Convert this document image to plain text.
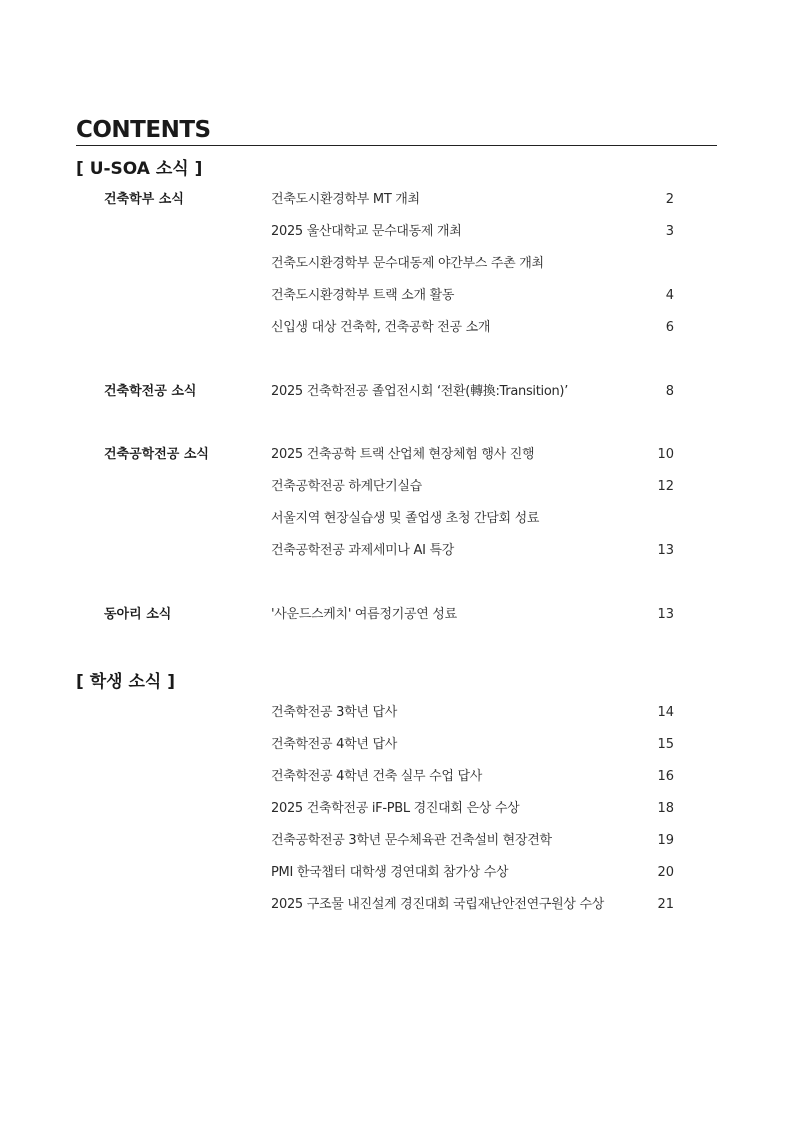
CONTENTS
[ U-SOA 소식 ]
건축학부 소식	건축도시환경학부 MT 개최	2
2025 울산대학교 문수대동제 개최	3
건축도시환경학부 문수대동제 야간부스 주촌 개최
건축도시환경학부 트랙 소개 활동	4
신입생 대상 건축학, 건축공학 전공 소개	6
건축학전공 소식	2025 건축학전공 졸업전시회 ‘전환(轉換:Transition)’	8
건축공학전공 소식	2025 건축공학 트랙 산업체 현장체험 행사 진행	10
건축공학전공 하계단기실습	12
서울지역 현장실습생 및 졸업생 초청 간담회 성료
건축공학전공 과제세미나 AI 특강	13
동아리 소식	'사운드스케치' 여름정기공연 성료	13
[ 학생 소식 ]
건축학전공 3학년 답사	14
건축학전공 4학년 답사	15
건축학전공 4학년 건축 실무 수업 답사	16
2025 건축학전공 iF-PBL 경진대회 은상 수상	18
건축공학전공 3학년 문수체육관 건축설비 현장견학	19
PMI 한국챕터 대학생 경연대회 참가상 수상	20
2025 구조물 내진설계 경진대회 국립재난안전연구원상 수상	21
